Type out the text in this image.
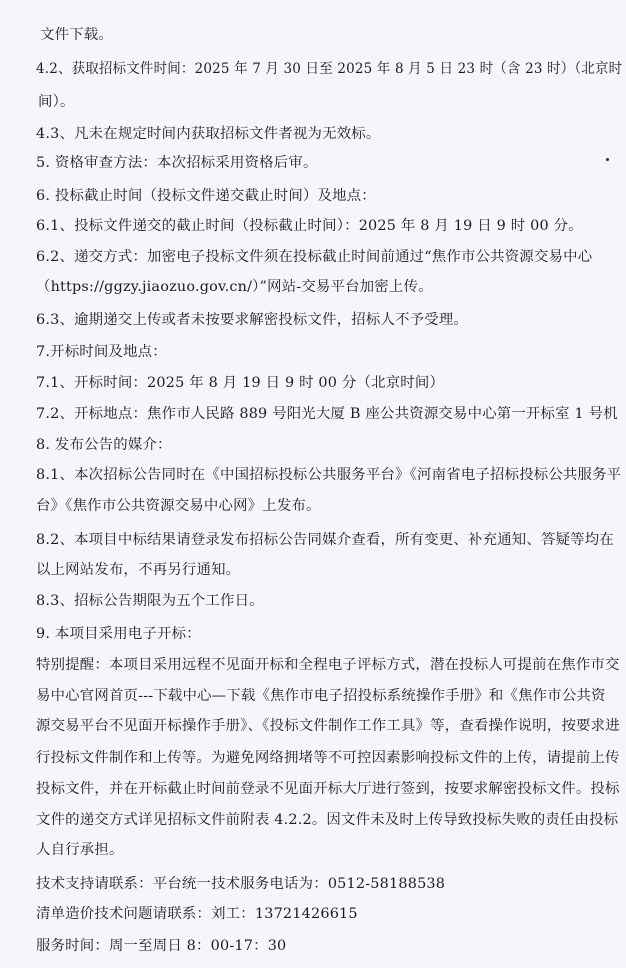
文件下载。
4.2、获取招标文件时间：2025 年 7 月 30 日至 2025 年 8 月 5 日 23 时（含 23 时）（北京时
间）。
4.3、凡未在规定时间内获取招标文件者视为无效标。
5. 资格审查方法：本次招标采用资格后审。
6. 投标截止时间（投标文件递交截止时间）及地点：
6.1、投标文件递交的截止时间（投标截止时间）：2025 年 8 月 19 日 9 时 00 分。
6.2、递交方式：加密电子投标文件须在投标截止时间前通过“焦作市公共资源交易中心
（https://ggzy.jiaozuo.gov.cn/）”网站-交易平台加密上传。
6.3、逾期递交上传或者未按要求解密投标文件，招标人不予受理。
7.开标时间及地点：
7.1、开标时间：2025 年 8 月 19 日 9 时 00 分（北京时间）
7.2、开标地点：焦作市人民路 889 号阳光大厦 B 座公共资源交易中心第一开标室 1 号机
8. 发布公告的媒介：
8.1、本次招标公告同时在《中国招标投标公共服务平台》《河南省电子招标投标公共服务平
台》《焦作市公共资源交易中心网》上发布。
8.2、本项目中标结果请登录发布招标公告同媒介查看，所有变更、补充通知、答疑等均在
以上网站发布，不再另行通知。
8.3、招标公告期限为五个工作日。
9. 本项目采用电子开标：
特别提醒：本项目采用远程不见面开标和全程电子评标方式，潜在投标人可提前在焦作市交
易中心官网首页---下载中心—下载《焦作市电子招投标系统操作手册》和《焦作市公共资
源交易平台不见面开标操作手册》、《投标文件制作工作工具》等，查看操作说明，按要求进
行投标文件制作和上传等。为避免网络拥堵等不可控因素影响投标文件的上传，请提前上传
投标文件，并在开标截止时间前登录不见面开标大厅进行签到，按要求解密投标文件。投标
文件的递交方式详见招标文件前附表 4.2.2。因文件未及时上传导致投标失败的责任由投标
人自行承担。
技术支持请联系：平台统一技术服务电话为：0512-58188538
清单造价技术问题请联系：刘工：13721426615
服务时间：周一至周日 8：00-17：30
